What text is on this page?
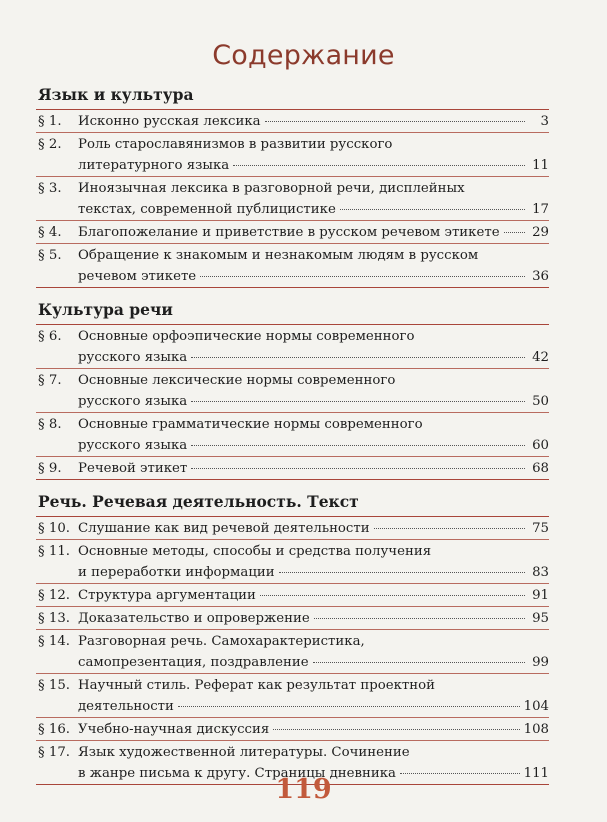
Содержание
Язык и культура
§ 1.	Исконно русская лексика	3
§ 2.	Роль старославянизмов в развитии русского
литературного языка	11
§ 3.	Иноязычная лексика в разговорной речи, дисплейных
текстах, современной публицистике	17
§ 4.	Благопожелание и приветствие в русском речевом этикете 29
§ 5.	Обращение к знакомым и незнакомым людям в русском
речевом этикете	36
Культура речи
§ 6.	Основные орфоэпические нормы современного
русского языка	42
§ 7.	Основные лексические нормы современного
русского языка	50
§ 8.	Основные грамматические нормы современного
русского языка	60
§ 9.	Речевой этикет	68
Речь. Речевая деятельность. Текст
§ 10. Слушание как вид речевой деятельности	75
§ 11. Основные методы, способы и средства получения
и переработки информации	83
§ 12. Структура аргументации	91
§ 13. Доказательство и опровержение	95
§ 14. Разговорная речь. Самохарактеристика,
самопрезентация, поздравление	99
§ 15. Научный стиль. Реферат как результат проектной
деятельности	104
§ 16. Учебно-научная дискуссия	108
§ 17. Язык художественной литературы. Сочинение
в жанре письма к другу. Страницы дневника	111
119
